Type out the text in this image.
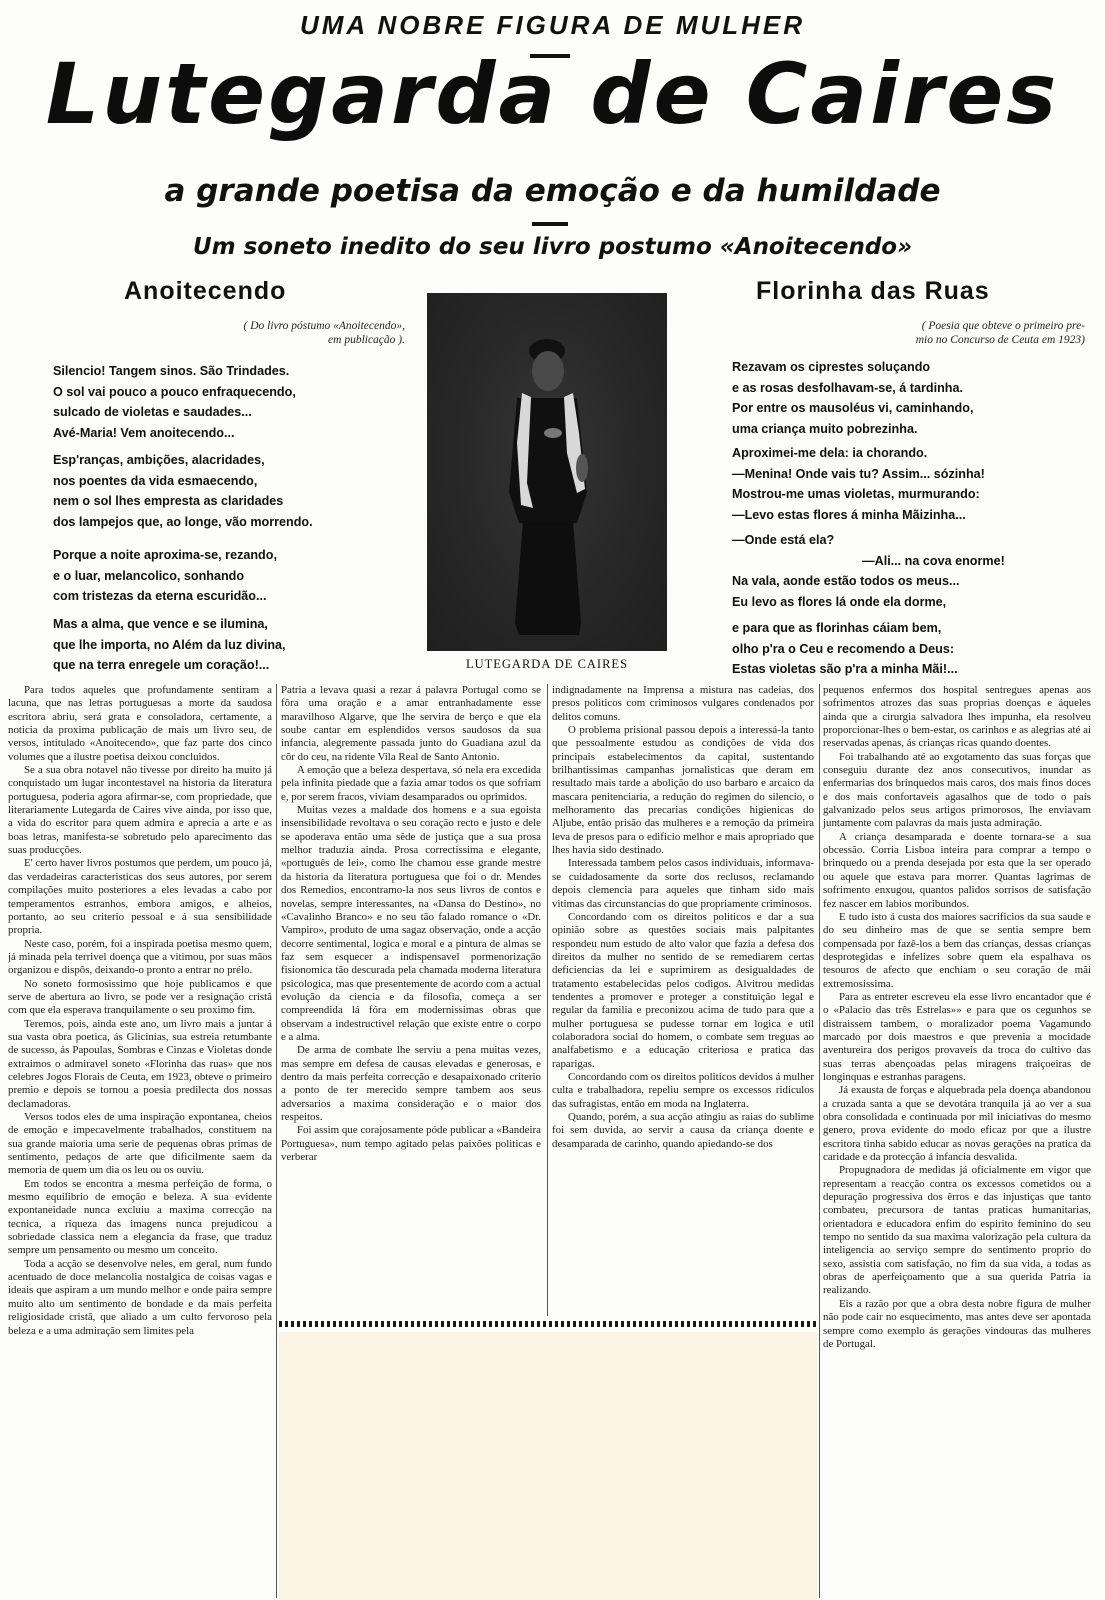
UMA NOBRE FIGURA DE MULHER
Lutegarda de Caires
a grande poetisa da emoção e da humildade
Um soneto inedito do seu livro postumo «Anoitecendo»
Anoitecendo
( Do livro póstumo «Anoitecendo»,
em publicação ).
Silencio! Tangem sinos. São Trindades.
O sol vai pouco a pouco enfraquecendo,
sulcado de violetas e saudades...
Avé-Maria! Vem anoitecendo...
Esp'ranças, ambições, alacridades,
nos poentes da vida esmaecendo,
nem o sol lhes empresta as claridades
dos lampejos que, ao longe, vão morrendo.
Porque a noite aproxima-se, rezando,
e o luar, melancolico, sonhando
com tristezas da eterna escuridão...
Mas a alma, que vence e se ilumina,
que lhe importa, no Além da luz divina,
que na terra enregele um coração!...	LUTEGARDA DE CAIRES
Florinha das Ruas
( Poesia que obteve o primeiro pre-
mio no Concurso de Ceuta em 1923)
Rezavam os ciprestes soluçando
e as rosas desfolhavam-se, á tardinha.
Por entre os mausoléus vi, caminhando,
uma criança muito pobrezinha.
Aproximei-me dela: ia chorando.
—Menina! Onde vais tu? Assim... sózinha!
Mostrou-me umas violetas, murmurando:
—Levo estas flores á minha Mãizinha...
—Onde está ela?
—Ali... na cova enorme!
Na vala, aonde estão todos os meus...
Eu levo as flores lá onde ela dorme,
e para que as florinhas cáiam bem,
olho p'ra o Ceu e recomendo a Deus:
Estas violetas são p'ra a minha Mãi!...

Para todos aqueles que profundamente sentiram a lacuna, que nas letras portuguesas a morte da saudosa escritora abriu, será grata e consoladora, certamente, a noticia da proxima publicação de mais um livro seu, de versos, intitulado «Anoitecendo», que faz parte dos cinco volumes que a ilustre poetisa deixou concluidos.

Se a sua obra notavel não tivesse por direito ha muito já conquistado um lugar incontestavel na historia da literatura portuguesa, poderia agora afirmar-se, com propriedade, que literariamente Lutegarda de Caires vive ainda, por isso que, a vida do escritor para quem admira e aprecia a arte e as boas letras, manifesta-se sobretudo pelo aparecimento das suas producções.

E' certo haver livros postumos que perdem, um pouco já, das verdadeiras caracteristicas dos seus autores, por serem compilações muito posteriores a eles levadas a cabo por temperamentos estranhos, embora amigos, e alheios, portanto, ao seu criterio pessoal e á sua sensibilidade propria.

Neste caso, porém, foi a inspirada poetisa mesmo quem, já minada pela terrivel doença que a vitimou, por suas mãos organizou e dispôs, deixando-o pronto a entrar no prélo.

No soneto formosissimo que hoje publicamos e que serve de abertura ao livro, se pode ver a resignação cristã com que ela esperava tranquilamente o seu proximo fim.

Teremos, pois, ainda este ano, um livro mais a juntar á sua vasta obra poetica, ás Glicinias, sua estreia retumbante de sucesso, ás Papoulas, Sombras e Cinzas e Violetas donde extraimos o admiravel soneto «Florinha das ruas» que nos celebres Jogos Florais de Ceuta, em 1923, obteve o primeiro premio e depois se tornou a poesia predilecta dos nossas declamadoras.

Versos todos eles de uma inspiração expontanea, cheios de emoção e impecavelmente trabalhados, constituem na sua grande maioria uma serie de pequenas obras primas de sentimento, pedaços de arte que dificilmente saem da memoria de quem um dia os leu ou os ouviu.

Em todos se encontra a mesma perfeição de forma, o mesmo equilibrio de emoção e beleza. A sua evidente expontaneidade nunca excluiu a maxima correcção na tecnica, a riqueza das imagens nunca prejudicou a sobriedade classica nem a elegancia da frase, que traduz sempre um pensamento ou mesmo um conceito.

Toda a acção se desenvolve neles, em geral, num fundo acentuado de doce melancolia nostalgica de coisas vagas e ideais que aspiram a um mundo melhor e onde paira sempre muito alto um sentimento de bondade e da mais perfeita religiosidade cristã, que aliado a um culto fervoroso pela beleza e a uma admiração sem limites pela

Patria a levava quasi a rezar á palavra Portugal como se fôra uma oração e a amar entranhadamente esse maravilhoso Algarve, que lhe servira de berço e que ela soube cantar em esplendidos versos saudosos da sua infancia, alegremente passada junto do Guadiana azul da côr do ceu, na ridente Vila Real de Santo Antonio.

A emoção que a beleza despertava, só nela era excedida pela infinita piedade que a fazia amar todos os que sofriam e, por serem fracos, viviam desamparados ou oprimidos.

Muitas vezes a maldade dos homens e a sua egoista insensibilidade revoltava o seu coração recto e justo e dele se apoderava então uma sêde de justiça que a sua prosa melhor traduzia ainda. Prosa correctissima e elegante, «português de lei», como lhe chamou esse grande mestre da historia da literatura portuguesa que foi o dr. Mendes dos Remedios, encontramo-la nos seus livros de contos e novelas, sempre interessantes, na «Dansa do Destino», no «Cavalinho Branco» e no seu tão falado romance o «Dr. Vampiro», produto de uma sagaz observação, onde a acção decorre sentimental, logica e moral e a pintura de almas se faz sem esquecer a indispensavel pormenorização fisionomica tão descurada pela chamada moderna literatura psicologica, mas que presentemente de acordo com a actual evolução da ciencia e da filosofia, começa a ser compreendida lá fóra em modernissimas obras que observam a indestructivel relação que existe entre o corpo e a alma.

De arma de combate lhe serviu a pena muitas vezes, mas sempre em defesa de causas elevadas e generosas, e dentro da mais perfeita correcção e desapaixonado criterio a ponto de ter merecido sempre tambem aos seus adversarios a maxima consideração e o maior dos respeitos.

Foi assim que corajosamente póde publicar a «Bandeira Portuguesa», num tempo agitado pelas paixões politicas e verberar

indignadamente na Imprensa a mistura nas cadeias, dos presos politicos com criminosos vulgares condenados por delitos comuns.

O problema prisional passou depois a interessá-la tanto que pessoalmente estudou as condições de vida dos principais estabelecimentos da capital, sustentando brilhantissimas campanhas jornalisticas que deram em resultado mais tarde a abolição do uso barbaro e arcaico da mascara penitenciaria, a redução do regimen do silencio, o melhoramento das precarias condições higienicas do Aljube, então prisão das mulheres e a remoção da primeira leva de presos para o edificio melhor e mais apropriado que lhes havia sido destinado.

Interessada tambem pelos casos individuais, informava-se cuidadosamente da sorte dos reclusos, reclamando depois clemencia para aqueles que tinham sido mais vitimas das circunstancias do que propriamente criminosos.

Concordando com os direitos politicos e dar a sua opinião sobre as questões sociais mais palpitantes respondeu num estudo de alto valor que fazia a defesa dos direitos da mulher no sentido de se remediarem certas deficiencias da lei e suprimirem as desigualdades de tratamento estabelecidas pelos codigos. Alvitrou medidas tendentes a promover e proteger a constituição legal e regular da familia e preconizou acima de tudo para que a mulher portuguesa se pudesse tornar em logica e util colaboradora social do homem, o combate sem treguas ao analfabetismo e a educação criteriosa e pratica das raparigas.

Concordando com os direitos politicos devidos á mulher culta e trabalhadora, repeliu sempre os excessos ridiculos das sufragistas, então em moda na Inglaterra.

Quando, porém, a sua acção atingiu as raias do sublime foi sem duvida, ao servir a causa da criança doente e desamparada de carinho, quando apiedando-se dos

pequenos enfermos dos hospital sentregues apenas aos sofrimentos atrozes das suas proprias doenças e áqueles ainda que a cirurgia salvadora lhes impunha, ela resolveu proporcionar-lhes o bem-estar, os carinhos e as alegrias até ai reservadas apenas, ás crianças ricas quando doentes.

Foi trabalhando até ao exgotamento das suas forças que conseguiu durante dez anos consecutivos, inundar as enfermarias dos brinquedos mais caros, dos mais finos doces e dos mais confortaveis agasalhos que de todo o país galvanizado pelos seus artigos primorosos, lhe enviavam juntamente com palavras da mais justa admiração.

A criança desamparada e doente tornara-se a sua obcessão. Corria Lisboa inteira para comprar a tempo o brinquedo ou a prenda desejada por esta que la ser operado ou aquele que estava para morrer. Quantas lagrimas de sofrimento enxugou, quantos palidos sorrisos de satisfação fez nascer em labios moribundos.

E tudo isto á custa dos maiores sacrificios da sua saude e do seu dinheiro mas de que se sentia sempre bem compensada por fazê-los a bem das crianças, dessas crianças desprotegidas e infelizes sobre quem ela espalhava os tesouros de afecto que enchiam o seu coração de mãi extremosissima.

Para as entreter escreveu ela esse livro encantador que é o «Palacio das três Estrelas»» e para que os cegunhos se distraissem tambem, o moralizador poema Vagamundo marcado por dois maestros e que prevenia a mocidade aventureira dos perigos provaveis da troca do cultivo das suas terras abençoadas pelas miragens traiçoeiras de longinquas e estranhas paragens.

Já exausta de forças e alquebrada pela doença abandonou a cruzada santa a que se devotára tranquila já ao ver a sua obra consolidada e continuada por mil iniciativas do mesmo genero, prova evidente do modo eficaz por que a ilustre escritora tinha sabido educar as novas gerações na pratica da caridade e da protecção á infancia desvalida.

Propugnadora de medidas já oficialmente em vigor que representam a reacção contra os excessos cometidos ou a depuração progressiva dos êrros e das injustiças que tanto combateu, precursora de tantas praticas humanitarias, orientadora e educadora enfim do espirito feminino do seu tempo no sentido da sua maxima valorização pela cultura da inteligencia ao serviço sempre do sentimento proprio do sexo, assistia com satisfação, no fim da sua vida, a todas as obras de aperfeiçoamento que a sua querida Patria ia realizando.

Eis a razão por que a obra desta nobre figura de mulher não pode cair no esquecimento, mas antes deve ser apontada sempre como exemplo ás gerações vindouras das mulheres de Portugal.
